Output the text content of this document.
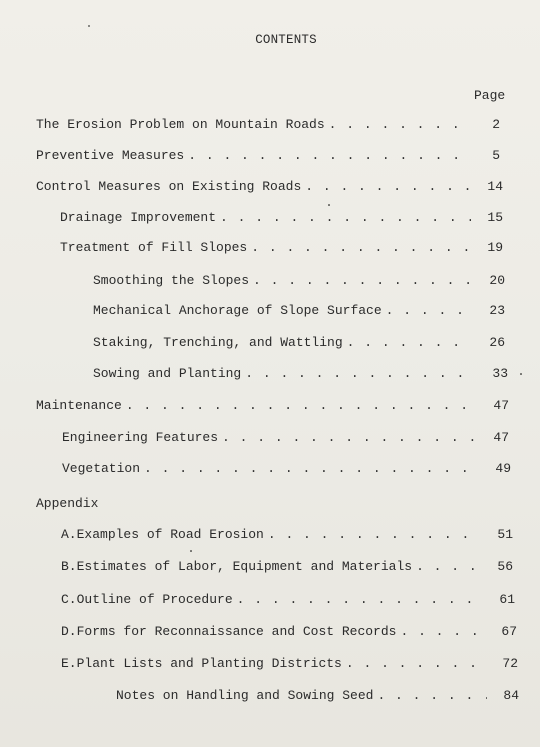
CONTENTS
Page
The Erosion Problem on Mountain Roads . . .	2
Preventive Measures . . .	5
Control Measures on Existing Roads . . .	14
Drainage Improvement . . .	15
Treatment of Fill Slopes . . .	19
Smoothing the Slopes . . .	20
Mechanical Anchorage of Slope Surface . . .	23
Staking, Trenching, and Wattling . . .	26
Sowing and Planting . . .	33
Maintenance . . .	47
Engineering Features . . .	47
Vegetation . . .	49
Appendix
A. Examples of Road Erosion . . .	51
B. Estimates of Labor, Equipment and Materials . . .	56
C. Outline of Procedure . . .	61
D. Forms for Reconnaissance and Cost Records . . .	67
E. Plant Lists and Planting Districts . . .	72
Notes on Handling and Sowing Seed . . .	84
